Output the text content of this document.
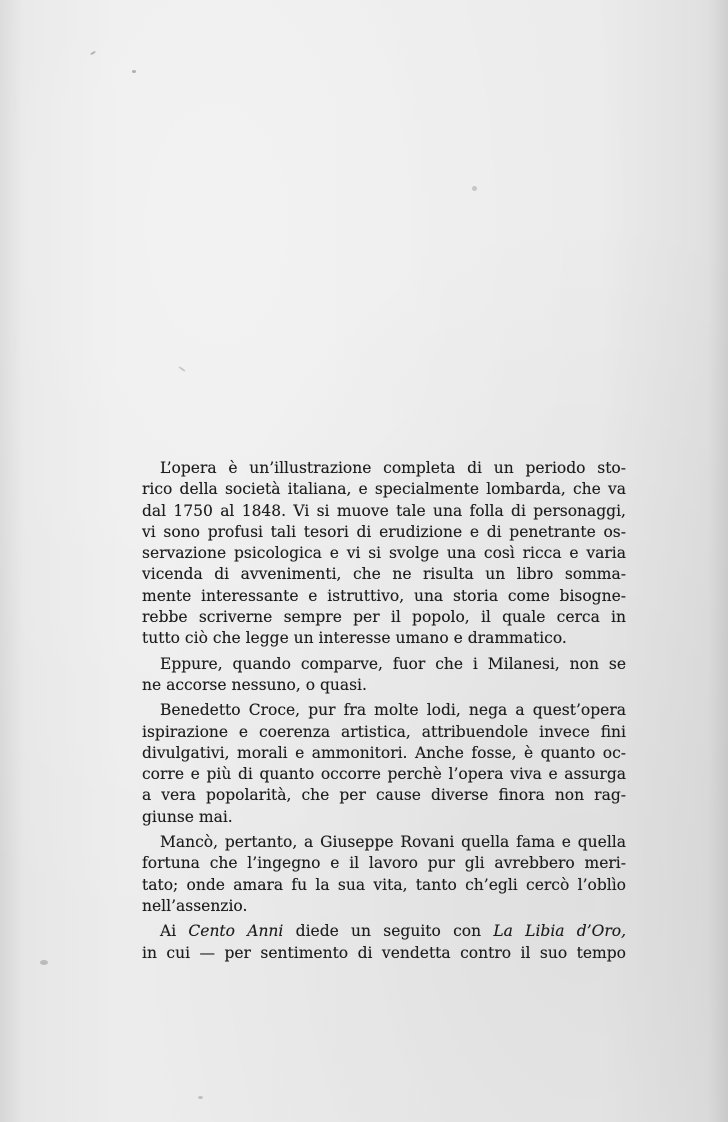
L’opera è un’illustrazione completa di un periodo sto-
rico della società italiana, e specialmente lombarda, che va
dal 1750 al 1848. Vi si muove tale una folla di personaggi,
vi sono profusi tali tesori di erudizione e di penetrante os-
servazione psicologica e vi si svolge una così ricca e varia
vicenda di avvenimenti, che ne risulta un libro somma-
mente interessante e istruttivo, una storia come bisogne-
rebbe scriverne sempre per il popolo, il quale cerca in
tutto ciò che legge un interesse umano e drammatico.
Eppure, quando comparve, fuor che i Milanesi, non se
ne accorse nessuno, o quasi.
Benedetto Croce, pur fra molte lodi, nega a quest’opera
ispirazione e coerenza artistica, attribuendole invece fini
divulgativi, morali e ammonitori. Anche fosse, è quanto oc-
corre e più di quanto occorre perchè l’opera viva e assurga
a vera popolarità, che per cause diverse finora non rag-
giunse mai.
Mancò, pertanto, a Giuseppe Rovani quella fama e quella
fortuna che l’ingegno e il lavoro pur gli avrebbero meri-
tato; onde amara fu la sua vita, tanto ch’egli cercò l’oblìo
nell’assenzio.
Ai Cento Anni diede un seguito con La Libia d’Oro,
in cui — per sentimento di vendetta contro il suo tempo
